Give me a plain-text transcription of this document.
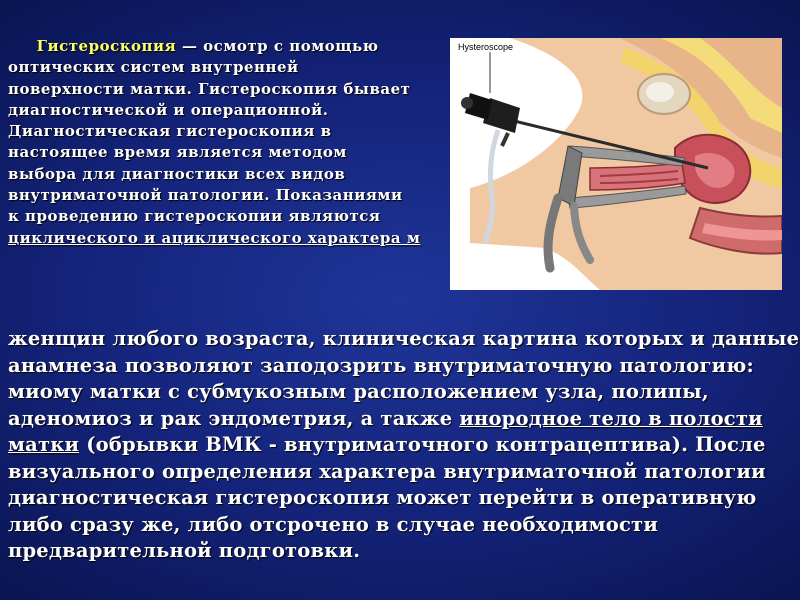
Гистероскопия — осмотр с помощью
оптических систем внутренней
поверхности матки. Гистероскопия бывает
диагностической и операционной.
Диагностическая гистероскопия в
настоящее время является методом
выбора для диагностики всех видов
внутриматочной патологии. Показаниями
к проведению гистероскопии являются
циклического и ациклического характера м
Hysteroscope
женщин любого возраста, клиническая картина которых и данные
анамнеза позволяют заподозрить внутриматочную патологию:
миому матки с субмукозным расположением узла, полипы,
аденомиоз и рак эндометрия, а также инородное тело в полости
матки (обрывки ВМК - внутриматочного контрацептива). После
визуального определения характера внутриматочной патологии
диагностическая гистероскопия может перейти в оперативную
либо сразу же, либо отсрочено в случае необходимости
предварительной подготовки.
